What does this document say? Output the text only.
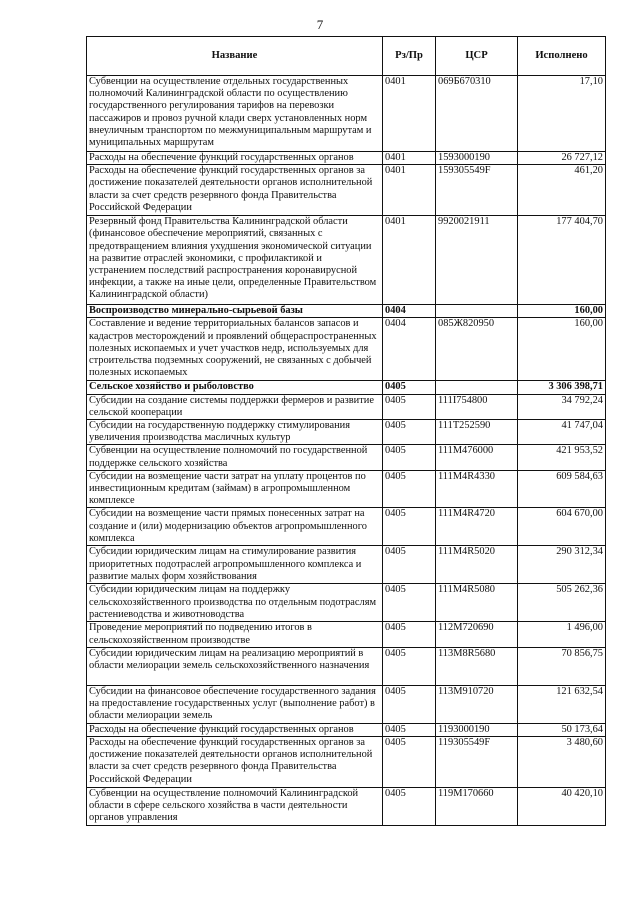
7
Название	Рз/Пр	ЦСР	Исполнено
Субвенции на осуществление отдельных государственных полномочий Калининградской области по осуществлению государственного регулирования тарифов на перевозки пассажиров и провоз ручной клади сверх установленных норм внеуличным транспортом по межмуниципальным маршрутам и муниципальных маршрутам	0401	069Б670310	17,10
Расходы на обеспечение функций государственных органов	0401	1593000190	26 727,12
Расходы на обеспечение функций государственных органов за достижение показателей деятельности органов исполнительной власти за счет средств резервного фонда Правительства Российской Федерации	0401	159305549F	461,20
Резервный фонд Правительства Калининградской области (финансовое обеспечение мероприятий, связанных с предотвращением влияния ухудшения экономической ситуации на развитие отраслей экономики, с профилактикой и устранением последствий распространения коронавирусной инфекции, а также на иные цели, определенные Правительством Калининградской области)	0401	9920021911	177 404,70
Воспроизводство минерально-сырьевой базы	0404		160,00
Составление и ведение территориальных балансов запасов и кадастров месторождений и проявлений общераспространенных полезных ископаемых и учет участков недр, используемых для строительства подземных сооружений, не связанных с добычей полезных ископаемых	0404	085Ж820950	160,00
Сельское хозяйство и рыболовство	0405		3 306 398,71
Субсидии на создание системы поддержки фермеров и развитие сельской кооперации	0405	111I754800	34 792,24
Субсидии на государственную поддержку стимулирования увеличения производства масличных культур	0405	111T252590	41 747,04
Субвенции на осуществление полномочий по государственной поддержке сельского хозяйства	0405	111M476000	421 953,52
Субсидии на возмещение части затрат на уплату процентов по инвестиционным кредитам (займам) в агропромышленном комплексе	0405	111M4R4330	609 584,63
Субсидии на возмещение части прямых понесенных затрат на создание и (или) модернизацию объектов агропромышленного комплекса	0405	111M4R4720	604 670,00
Субсидии юридическим лицам на стимулирование развития приоритетных подотраслей агропромышленного комплекса и развитие малых форм хозяйствования	0405	111M4R5020	290 312,34
Субсидии юридическим лицам на поддержку сельскохозяйственного производства по отдельным подотраслям растениеводства и животноводства	0405	111M4R5080	505 262,36
Проведение мероприятий по подведению итогов в сельскохозяйственном производстве	0405	112M720690	1 496,00
Субсидии юридическим лицам на реализацию мероприятий в области мелиорации земель сельскохозяйственного назначения	0405	113M8R5680	70 856,75
Субсидии на финансовое обеспечение государственного задания на предоставление государственных услуг (выполнение работ) в области мелиорации земель	0405	113M910720	121 632,54
Расходы на обеспечение функций государственных органов	0405	1193000190	50 173,64
Расходы на обеспечение функций государственных органов за достижение показателей деятельности органов исполнительной власти за счет средств резервного фонда Правительства Российской Федерации	0405	119305549F	3 480,60
Субвенции на осуществление полномочий Калининградской области в сфере сельского хозяйства в части деятельности органов управления	0405	119M170660	40 420,10
